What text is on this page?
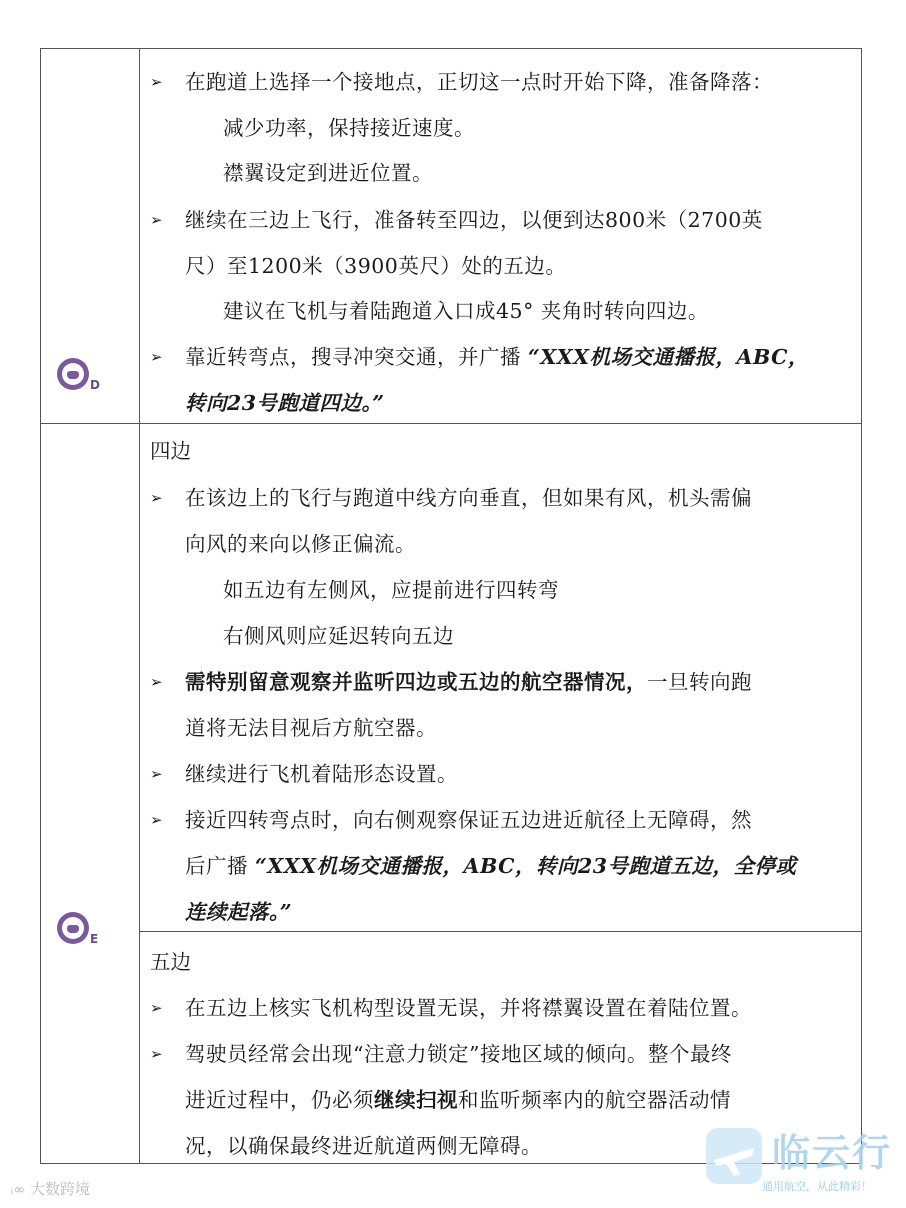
D
E
➢ 在跑道上选择一个接地点，正切这一点时开始下降，准备降落：
减少功率，保持接近速度。
襟翼设定到进近位置。
➢ 继续在三边上飞行，准备转至四边，以便到达800米（2700英
尺）至1200米（3900英尺）处的五边。
建议在飞机与着陆跑道入口成45° 夹角时转向四边。
➢ 靠近转弯点，搜寻冲突交通，并广播 “XXX机场交通播报，ABC，
转向23号跑道四边。”
四边
➢ 在该边上的飞行与跑道中线方向垂直，但如果有风，机头需偏
向风的来向以修正偏流。
如五边有左侧风，应提前进行四转弯
右侧风则应延迟转向五边
➢ 需特别留意观察并监听四边或五边的航空器情况，一旦转向跑
道将无法目视后方航空器。
➢ 继续进行飞机着陆形态设置。
➢ 接近四转弯点时，向右侧观察保证五边进近航径上无障碍，然
后广播 “XXX机场交通播报，ABC，转向23号跑道五边，全停或
连续起落。”
五边
➢ 在五边上核实飞机构型设置无误，并将襟翼设置在着陆位置。
➢ 驾驶员经常会出现“注意力锁定”接地区域的倾向。整个最终
进近过程中，仍必须继续扫视和监听频率内的航空器活动情
况，以确保最终进近航道两侧无障碍。
ꜟ∞ 大数跨境
临云行
通用航空，从此精彩！
